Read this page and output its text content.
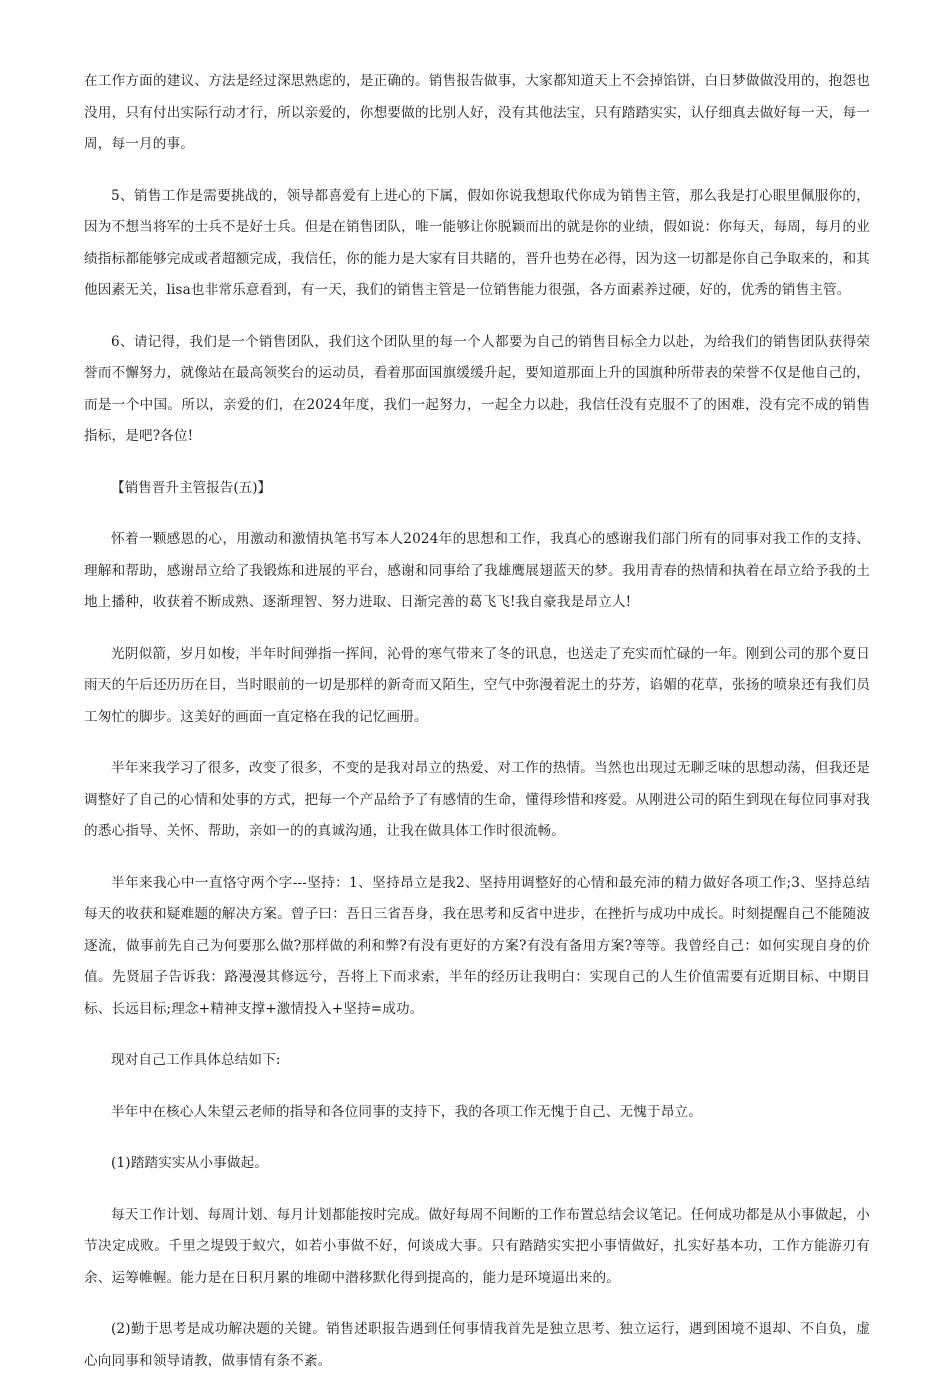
在工作方面的建议、方法是经过深思熟虑的，是正确的。销售报告做事，大家都知道天上不会掉馅饼，白日梦做做没用的，抱怨也没用，只有付出实际行动才行，所以亲爱的，你想要做的比别人好，没有其他法宝，只有踏踏实实，认仔细真去做好每一天，每一周，每一月的事。

5、销售工作是需要挑战的，领导都喜爱有上进心的下属，假如你说我想取代你成为销售主管，那么我是打心眼里佩服你的，因为不想当将军的士兵不是好士兵。但是在销售团队，唯一能够让你脱颖而出的就是你的业绩，假如说：你每天，每周，每月的业绩指标都能够完成或者超额完成，我信任，你的能力是大家有目共睹的，晋升也势在必得，因为这一切都是你自己争取来的，和其他因素无关，lisa也非常乐意看到，有一天，我们的销售主管是一位销售能力很强，各方面素养过硬，好的，优秀的销售主管。

6、请记得，我们是一个销售团队，我们这个团队里的每一个人都要为自己的销售目标全力以赴，为给我们的销售团队获得荣誉而不懈努力，就像站在最高领奖台的运动员，看着那面国旗缓缓升起，要知道那面上升的国旗种所带表的荣誉不仅是他自己的，而是一个中国。所以，亲爱的们，在2024年度，我们一起努力，一起全力以赴，我信任没有克服不了的困难，没有完不成的销售指标，是吧?各位!

【销售晋升主管报告(五)】

怀着一颗感恩的心，用激动和激情执笔书写本人2024年的思想和工作，我真心的感谢我们部门所有的同事对我工作的支持、理解和帮助，感谢昂立给了我锻炼和进展的平台，感谢和同事给了我雄鹰展翅蓝天的梦。我用青春的热情和执着在昂立给予我的土地上播种，收获着不断成熟、逐渐理智、努力进取、日渐完善的葛飞飞!我自豪我是昂立人!

光阴似箭，岁月如梭，半年时间弹指一挥间，沁骨的寒气带来了冬的讯息，也送走了充实而忙碌的一年。刚到公司的那个夏日雨天的午后还历历在目，当时眼前的一切是那样的新奇而又陌生，空气中弥漫着泥土的芬芳，谄媚的花草，张扬的喷泉还有我们员工匆忙的脚步。这美好的画面一直定格在我的记忆画册。

半年来我学习了很多，改变了很多，不变的是我对昂立的热爱、对工作的热情。当然也出现过无聊乏味的思想动荡，但我还是调整好了自己的心情和处事的方式，把每一个产品给予了有感情的生命，懂得珍惜和疼爱。从刚进公司的陌生到现在每位同事对我的悉心指导、关怀、帮助，亲如一的的真诚沟通，让我在做具体工作时很流畅。

半年来我心中一直恪守两个字---坚持：1、坚持昂立是我2、坚持用调整好的心情和最充沛的精力做好各项工作;3、坚持总结每天的收获和疑难题的解决方案。曾子曰：吾日三省吾身，我在思考和反省中进步，在挫折与成功中成长。时刻提醒自己不能随波逐流，做事前先自己为何要那么做?那样做的利和弊?有没有更好的方案?有没有备用方案?等等。我曾经自己：如何实现自身的价值。先贤屈子告诉我：路漫漫其修远兮，吾将上下而求索，半年的经历让我明白：实现自己的人生价值需要有近期目标、中期目标、长远目标;理念+精神支撑+激情投入+坚持=成功。

现对自己工作具体总结如下:

半年中在核心人朱望云老师的指导和各位同事的支持下，我的各项工作无愧于自己、无愧于昂立。

(1)踏踏实实从小事做起。

每天工作计划、每周计划、每月计划都能按时完成。做好每周不间断的工作布置总结会议笔记。任何成功都是从小事做起，小节决定成败。千里之堤毁于蚁穴，如若小事做不好，何谈成大事。只有踏踏实实把小事情做好，扎实好基本功，工作方能游刃有余、运筹帷幄。能力是在日积月累的堆砌中潜移默化得到提高的，能力是环境逼出来的。

(2)勤于思考是成功解决题的关键。销售述职报告遇到任何事情我首先是独立思考、独立运行，遇到困境不退却、不自负，虚心向同事和领导请教，做事情有条不紊。
